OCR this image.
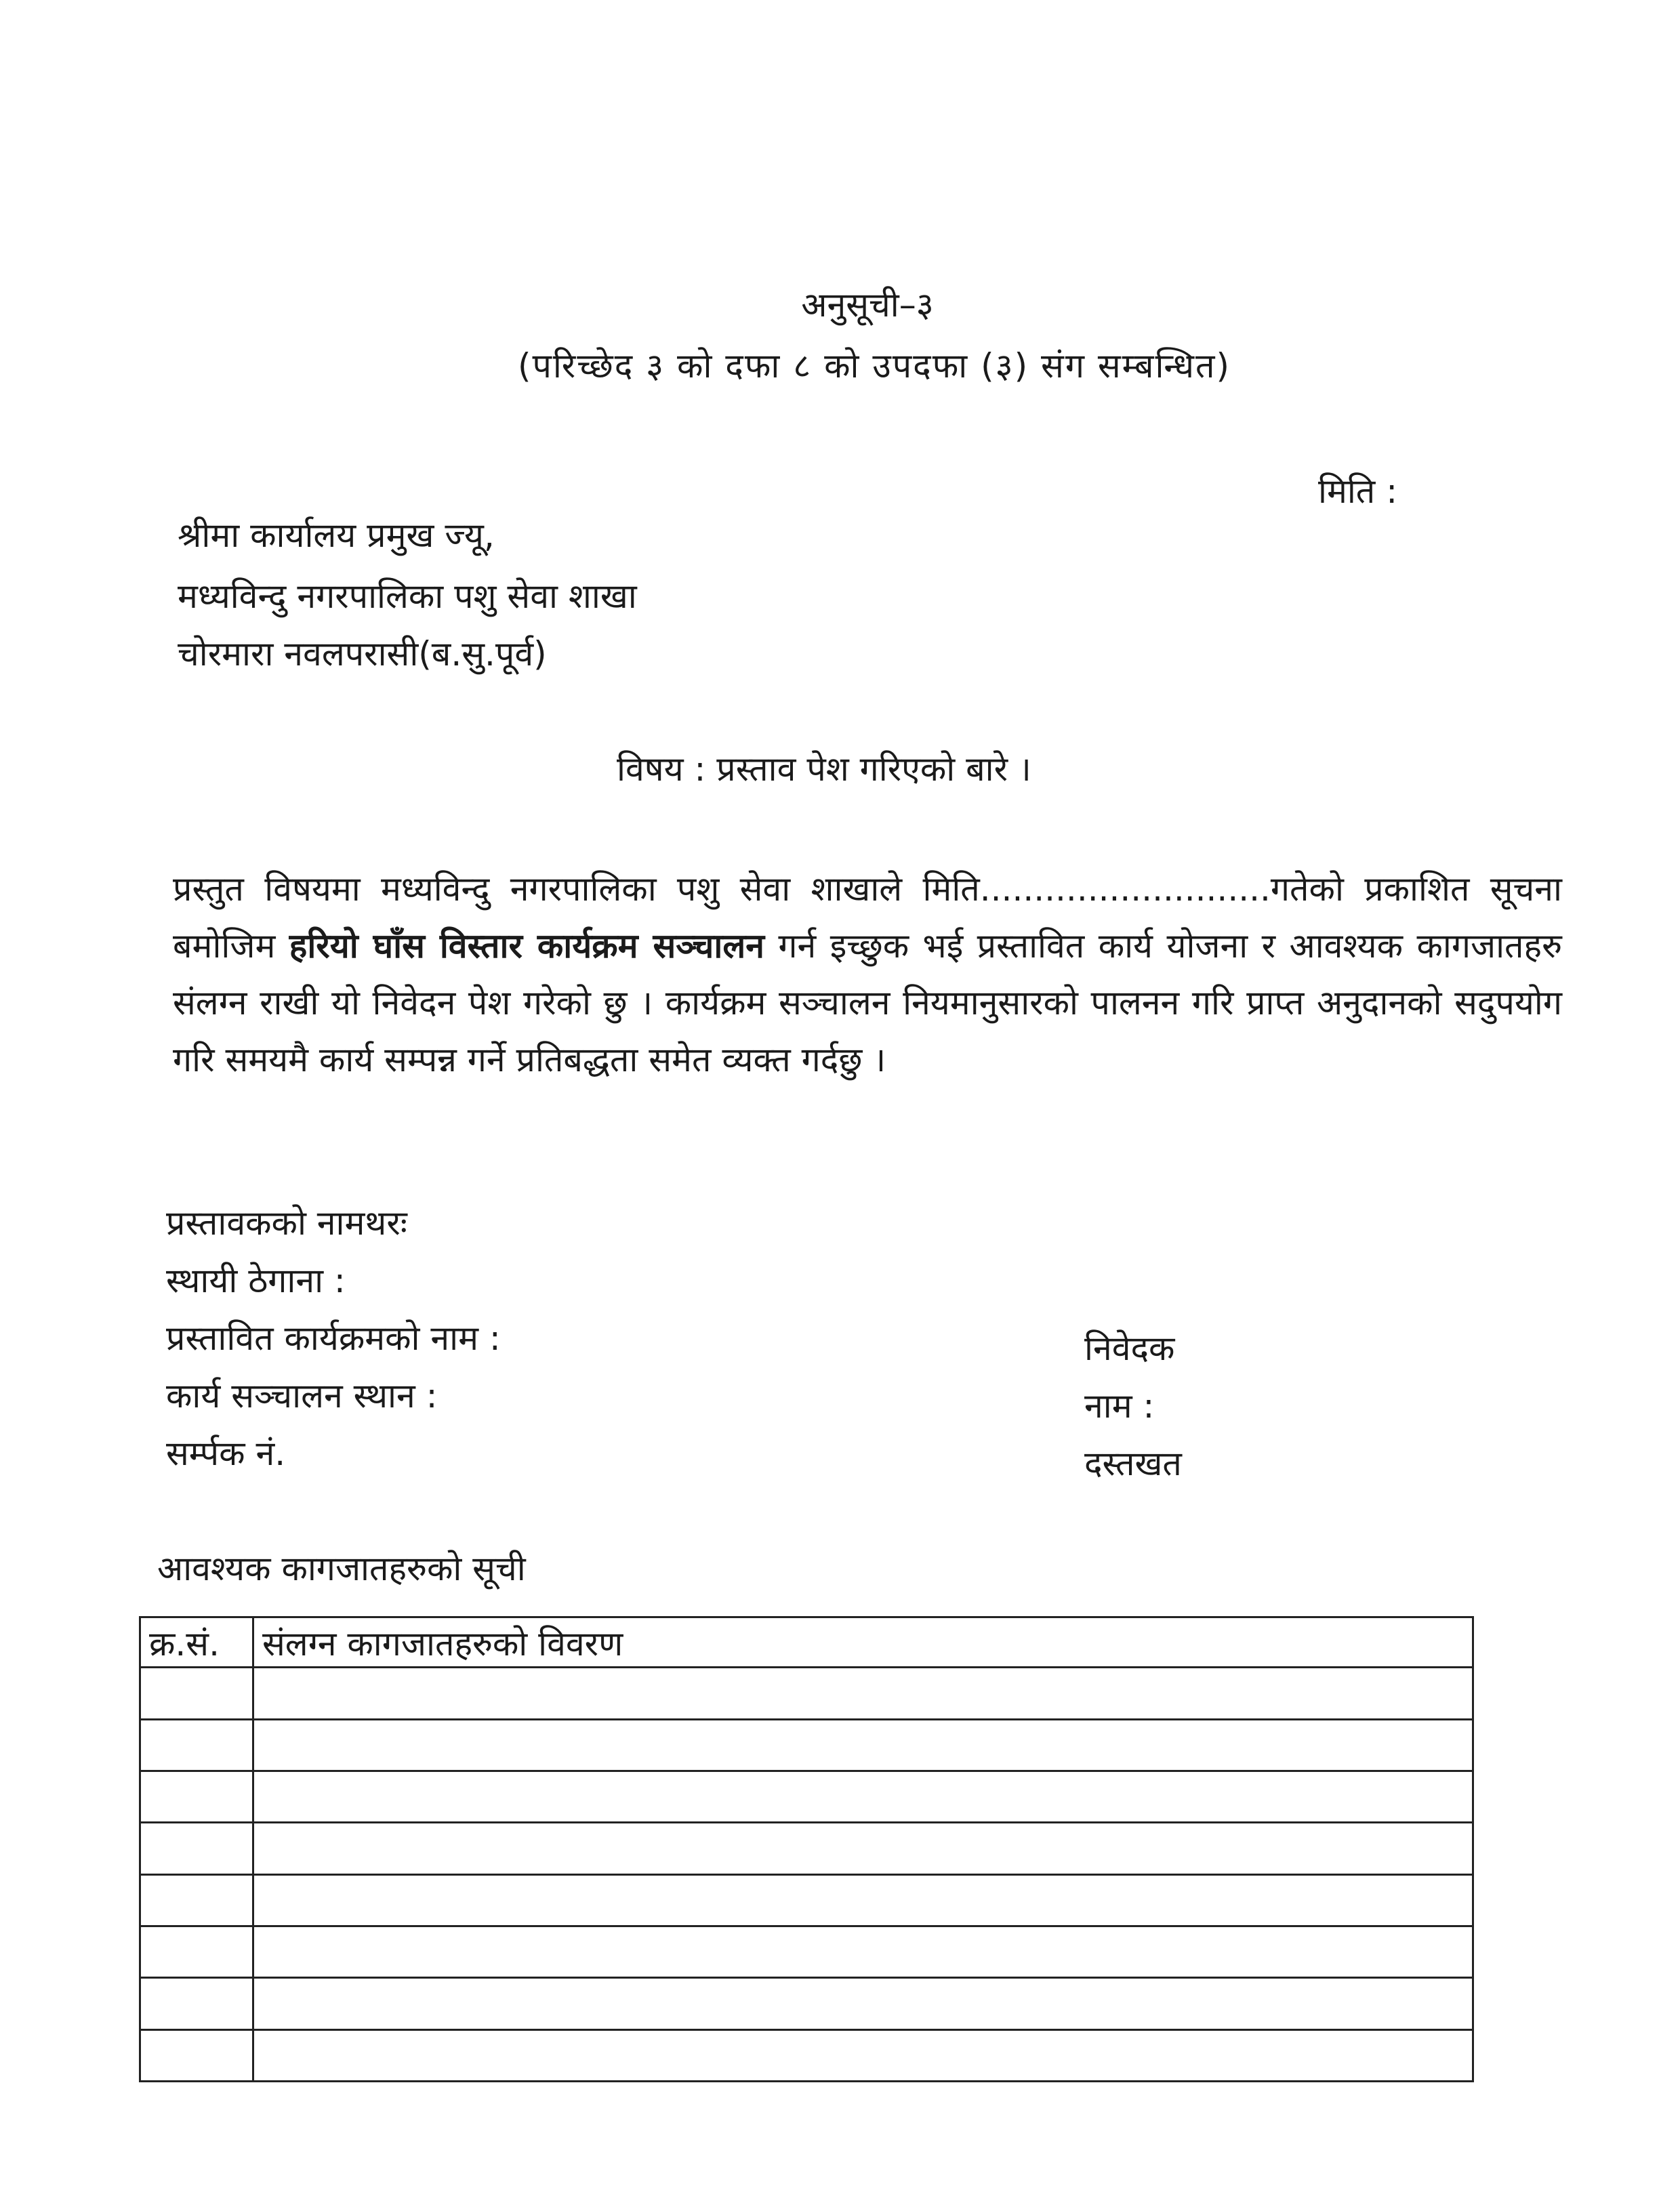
अनुसूची–३
(परिच्छेद ३ को दफा ८ को उपदफा (३) संग सम्बन्धित)
मिति :
श्रीमा कार्यालय प्रमुख ज्यू,
मध्यविन्दु नगरपालिका पशु सेवा शाखा
चोरमारा नवलपरासी(ब.सु.पूर्व)
विषय : प्रस्ताव पेश गरिएको बारे ।
प्रस्तुत विषयमा मध्यविन्दु नगरपालिका पशु सेवा शाखाले मिति...........................गतेको प्रकाशित सूचना बमोजिम हरियो घाँस विस्तार कार्यक्रम सञ्चालन गर्न इच्छुक भई प्रस्तावित कार्य योजना र आवश्यक कागजातहरु संलग्न राखी यो निवेदन पेश गरेको छु । कार्यक्रम सञ्चालन नियमानुसारको पालनन गरि प्राप्त अनुदानको सदुपयोग गरि समयमै कार्य सम्पन्न गर्ने प्रतिबद्धता समेत व्यक्त गर्दछु ।
प्रस्तावकको नामथरः
स्थायी ठेगाना :
प्रस्तावित कार्यक्रमको नाम :
कार्य सञ्चालन स्थान :
सर्म्पक नं.
निवेदक
नाम :
दस्तखत
आवश्यक कागजातहरुको सूची
क्र.सं.	संलग्न कागजातहरुको विवरण
